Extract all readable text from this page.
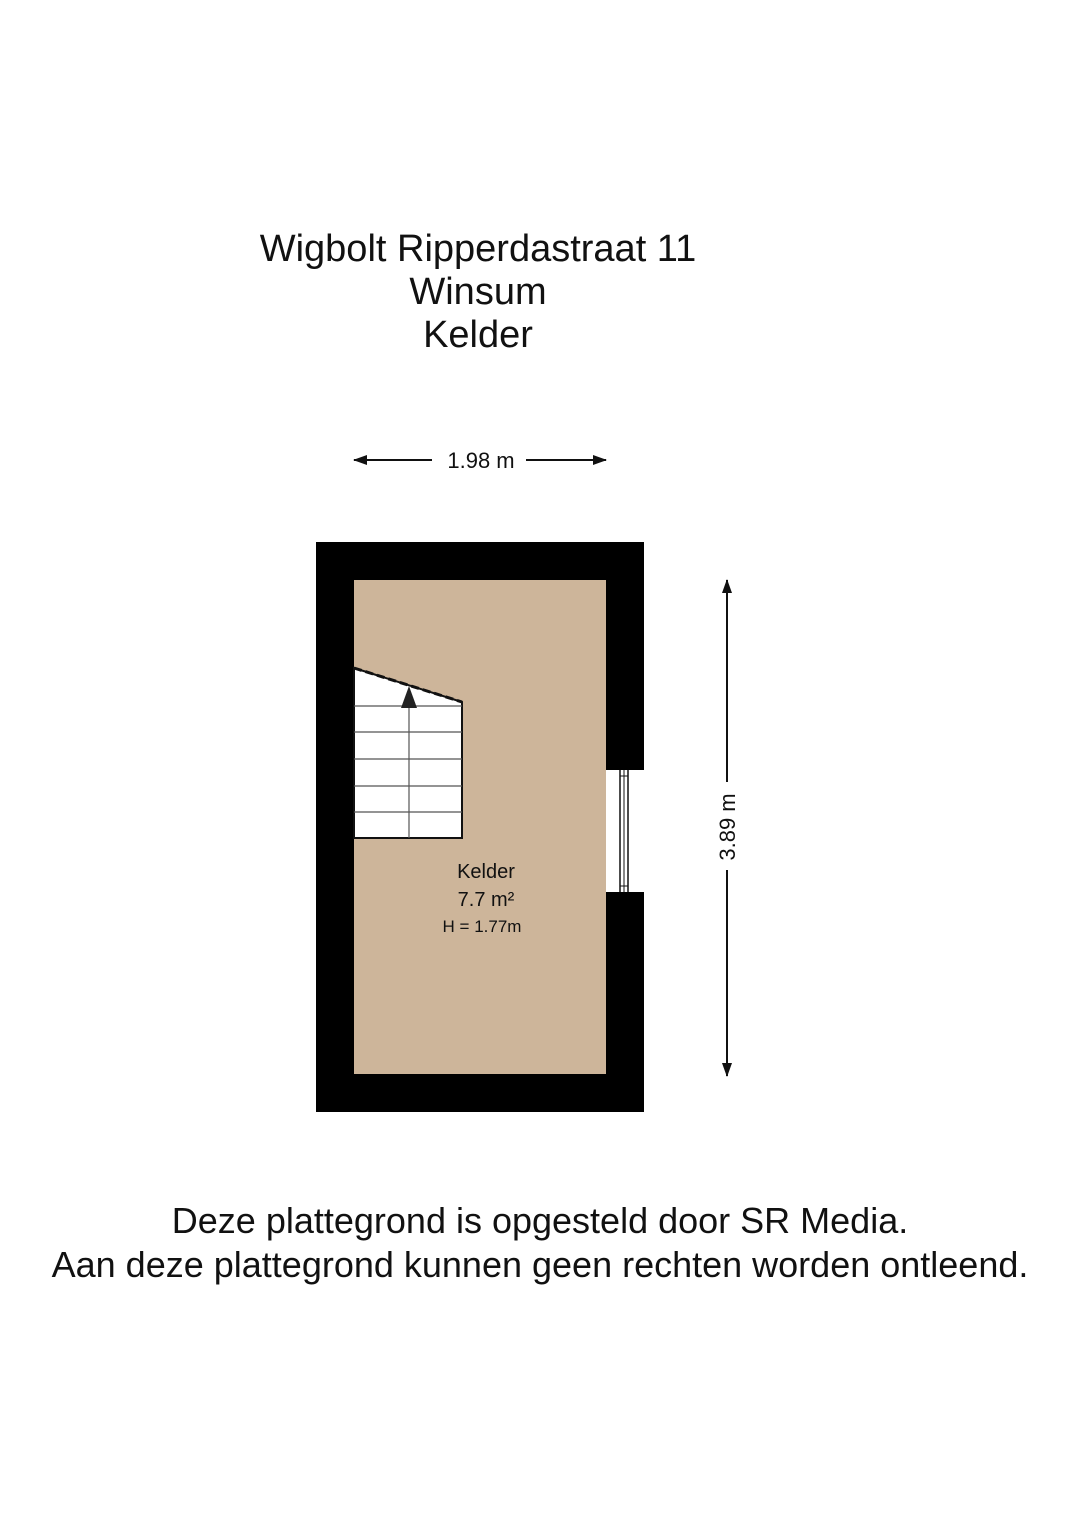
Wigbolt Ripperdastraat 11
Winsum
Kelder
1.98 m
3.89 m
Kelder
7.7 m²
H = 1.77m
Deze plattegrond is opgesteld door SR Media.
Aan deze plattegrond kunnen geen rechten worden ontleend.
